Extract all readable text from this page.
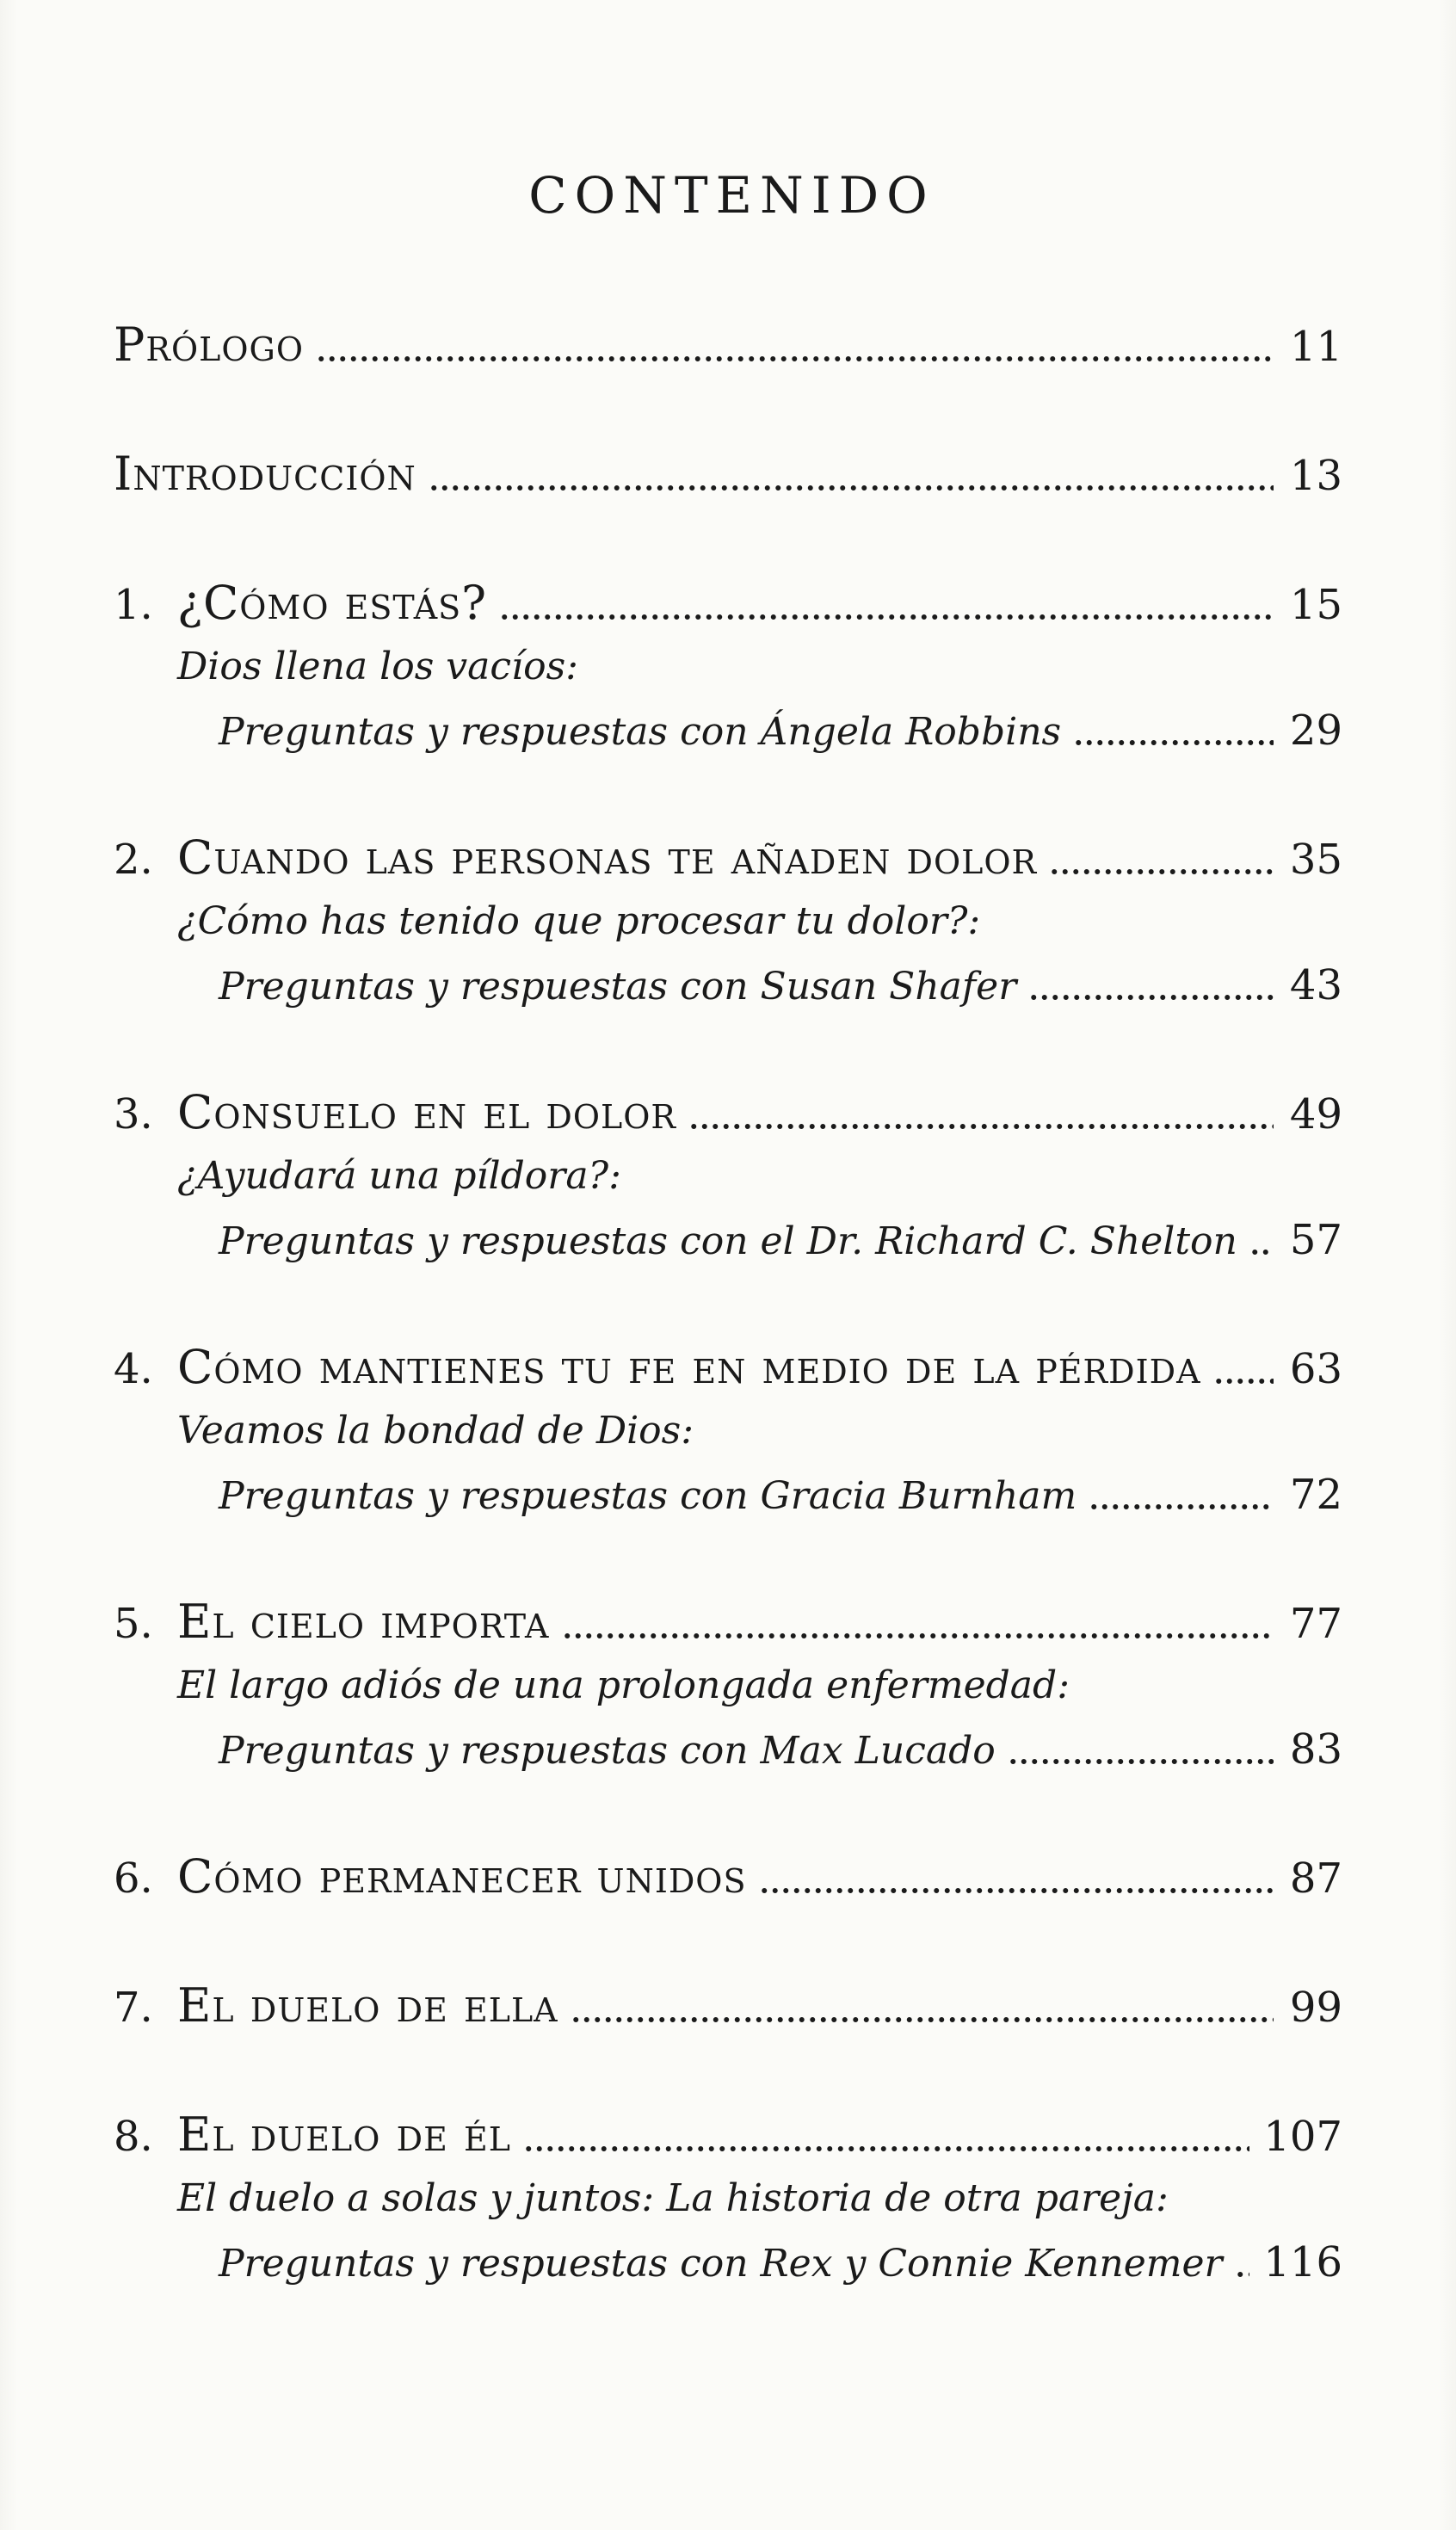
CONTENIDO
Prólogo	11
Introducción	13
1. ¿Cómo estás?	15
Dios llena los vacíos:
Preguntas y respuestas con Ángela Robbins	29
2. Cuando las personas te añaden dolor	35
¿Cómo has tenido que procesar tu dolor?:
Preguntas y respuestas con Susan Shafer	43
3. Consuelo en el dolor	49
¿Ayudará una píldora?:
Preguntas y respuestas con el Dr. Richard C. Shelton 57
4. Cómo mantienes tu fe en medio de la pérdida 63
Veamos la bondad de Dios:
Preguntas y respuestas con Gracia Burnham	72
5. El cielo importa	77
El largo adiós de una prolongada enfermedad:
Preguntas y respuestas con Max Lucado	83
6. Cómo permanecer unidos	87
7. El duelo de ella	99
8. El duelo de él	107
El duelo a solas y juntos: La historia de otra pareja:
Preguntas y respuestas con Rex y Connie Kennemer 116
